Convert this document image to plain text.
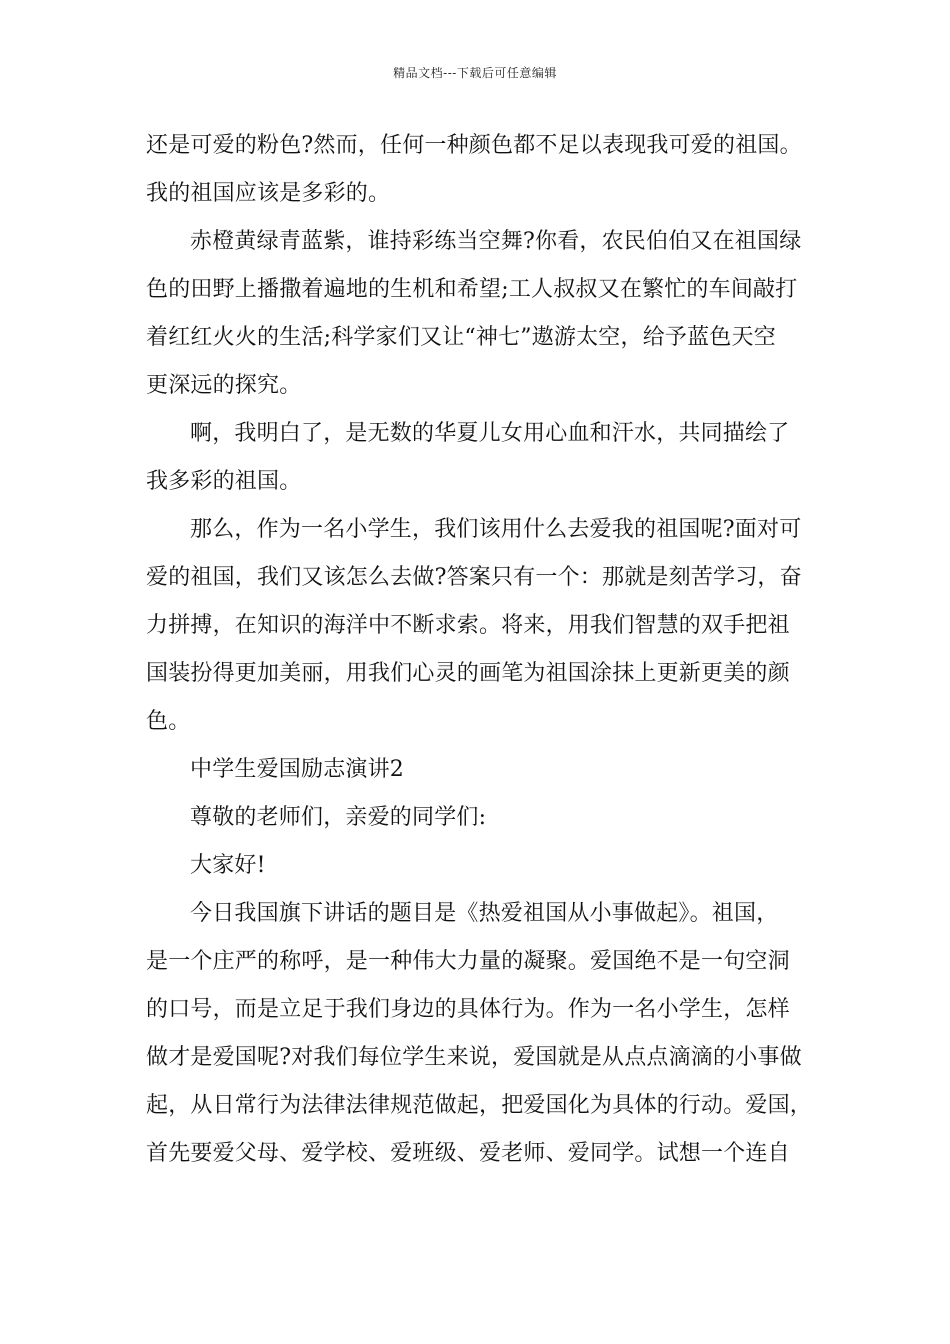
精品文档---下载后可任意编辑
还是可爱的粉色?然而，任何一种颜色都不足以表现我可爱的祖国。
我的祖国应该是多彩的。
赤橙黄绿青蓝紫，谁持彩练当空舞?你看，农民伯伯又在祖国绿
色的田野上播撒着遍地的生机和希望;工人叔叔又在繁忙的车间敲打
着红红火火的生活;科学家们又让“神七”遨游太空，给予蓝色天空
更深远的探究。
啊，我明白了，是无数的华夏儿女用心血和汗水，共同描绘了
我多彩的祖国。
那么，作为一名小学生，我们该用什么去爱我的祖国呢?面对可
爱的祖国，我们又该怎么去做?答案只有一个：那就是刻苦学习，奋
力拼搏，在知识的海洋中不断求索。将来，用我们智慧的双手把祖
国装扮得更加美丽，用我们心灵的画笔为祖国涂抹上更新更美的颜
色。
中学生爱国励志演讲2
尊敬的老师们，亲爱的同学们:
大家好!
今日我国旗下讲话的题目是《热爱祖国从小事做起》。祖国，
是一个庄严的称呼，是一种伟大力量的凝聚。爱国绝不是一句空洞
的口号，而是立足于我们身边的具体行为。作为一名小学生，怎样
做才是爱国呢?对我们每位学生来说，爱国就是从点点滴滴的小事做
起，从日常行为法律法律规范做起，把爱国化为具体的行动。爱国，
首先要爱父母、爱学校、爱班级、爱老师、爱同学。试想一个连自
